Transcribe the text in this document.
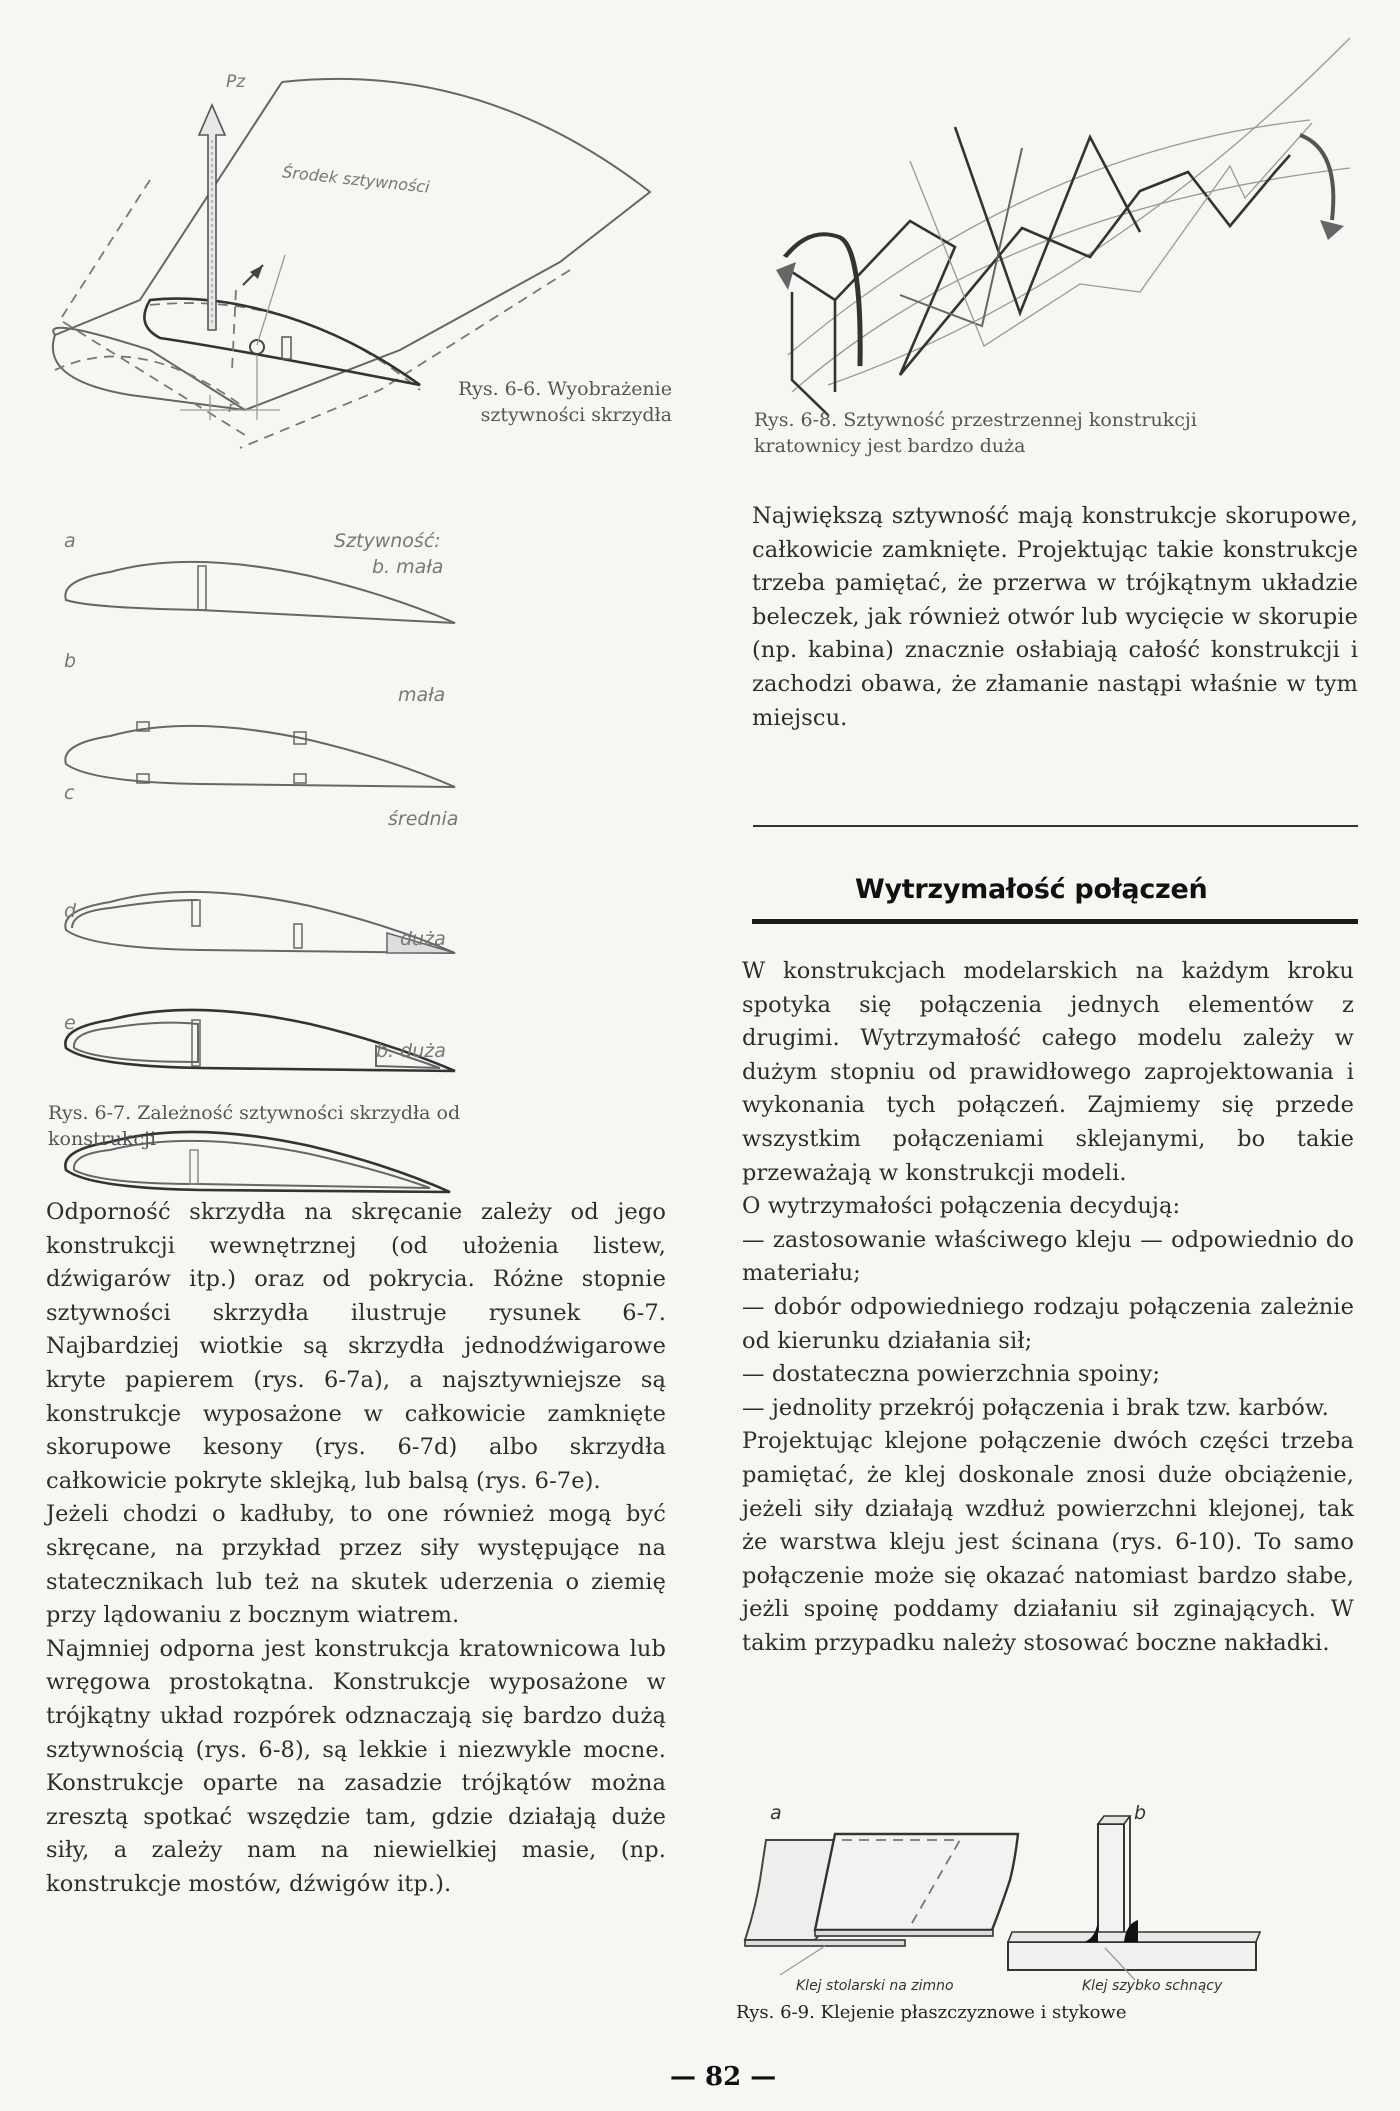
Pz
Środek sztywności
r
Rys. 6-6. Wyobrażenie
sztywności skrzydła	Rys. 6-8. Sztywność przestrzennej konstrukcji
kratownicy jest bardzo duża
a	Sztywność:
b. mała
b
mała
c
średnia
d
duża
e
b. duża
Rys. 6-7. Zależność sztywności skrzydła od
konstrukcji

Odporność skrzydła na skręcanie zależy od jego konstrukcji wewnętrznej (od ułożenia listew, dźwigarów itp.) oraz od pokrycia. Różne stopnie sztywności skrzydła ilustruje rysunek 6-7. Najbardziej wiotkie są skrzydła jednodźwigarowe kryte papierem (rys. 6-7a), a najsztywniejsze są konstrukcje wyposażone w całkowicie zamknięte skorupowe kesony (rys. 6-7d) albo skrzydła całkowicie pokryte sklejką, lub balsą (rys. 6-7e).

Jeżeli chodzi o kadłuby, to one również mogą być skręcane, na przykład przez siły występujące na statecznikach lub też na skutek uderzenia o ziemię przy lądowaniu z bocznym wiatrem.

Najmniej odporna jest konstrukcja kratownicowa lub wręgowa prostokątna. Konstrukcje wyposażone w trójkątny układ rozpórek odznaczają się bardzo dużą sztywnością (rys. 6-8), są lekkie i niezwykle mocne. Konstrukcje oparte na zasadzie trójkątów można zresztą spotkać wszędzie tam, gdzie działają duże siły, a zależy nam na niewielkiej masie, (np. konstrukcje mostów, dźwigów itp.).

Największą sztywność mają konstrukcje skorupowe, całkowicie zamknięte. Projektując takie konstrukcje trzeba pamiętać, że przerwa w trójkątnym układzie beleczek, jak również otwór lub wycięcie w skorupie (np. kabina) znacznie osłabiają całość konstrukcji i zachodzi obawa, że złamanie nastąpi właśnie w tym miejscu.

Wytrzymałość połączeń

W konstrukcjach modelarskich na każdym kroku spotyka się połączenia jednych elementów z drugimi. Wytrzymałość całego modelu zależy w dużym stopniu od prawidłowego zaprojektowania i wykonania tych połączeń. Zajmiemy się przede wszystkim połączeniami sklejanymi, bo takie przeważają w konstrukcji modeli.

O wytrzymałości połączenia decydują:

— zastosowanie właściwego kleju — odpowiednio do materiału;

— dobór odpowiedniego rodzaju połączenia zależnie od kierunku działania sił;

— dostateczna powierzchnia spoiny;

— jednolity przekrój połączenia i brak tzw. karbów.

Projektując klejone połączenie dwóch części trzeba pamiętać, że klej doskonale znosi duże obciążenie, jeżeli siły działają wzdłuż powierzchni klejonej, tak że warstwa kleju jest ścinana (rys. 6-10). To samo połączenie może się okazać natomiast bardzo słabe, jeżli spoinę poddamy działaniu sił zginających. W takim przypadku należy stosować boczne nakładki.

a	b
Klej stolarski na zimno	Klej szybko schnący
Rys. 6-9. Klejenie płaszczyznowe i stykowe
— 82 —
